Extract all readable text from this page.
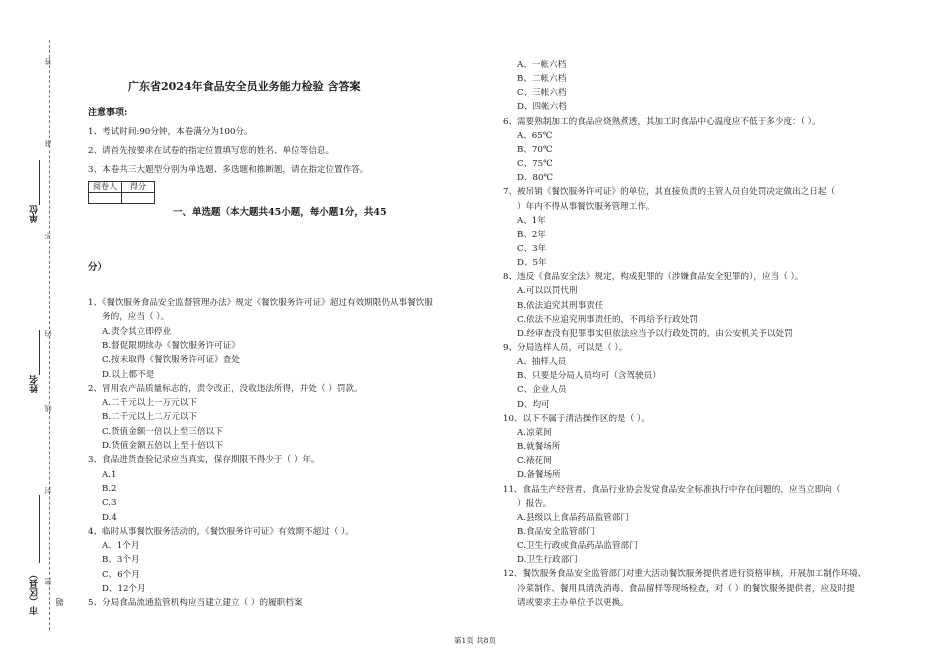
答
准
不
内
线
封
密
单位
姓名
市（区县） 题
广东省2024年食品安全员业务能力检验 含答案
注意事项:
1、考试时间:90分钟，本卷满分为100分。
2、请首先按要求在试卷的指定位置填写您的姓名、单位等信息。
3、本卷共三大题型分别为单选题、多选题和推断题，请在指定位置作答。
阅卷人	得分

一、单选题（本大题共45小题，每小题1分，共45
分）
1、《餐饮服务食品安全监督管理办法》规定《餐饮服务许可证》超过有效期限仍从事餐饮服
务的，应当（ ）。
A.责令其立即停业
B.督促限期续办《餐饮服务许可证》
C.按未取得《餐饮服务许可证》查处
D.以上都不是
2、冒用农产品质量标志的，责令改正，没收违法所得，并处（ ）罚款。
A.二千元以上一万元以下
B.二千元以上二万元以下
C.货值金额一倍以上至三倍以下
D.货值金额五倍以上至十倍以下
3、食品进货查验记录应当真实，保存期限不得少于（ ）年。
A.1
B.2
C.3
D.4
4、临时从事餐饮服务活动的，《餐饮服务许可证》有效期不超过（ ）。
A、1个月
B、3个月
C、6个月
D、12个月
5、分局食品流通监管机构应当建立建立（ ）的履职档案
A、一帐六档
B、二帐六档
C、三帐六档
D、四帐六档
6、需要熟制加工的食品应烧熟煮透，其加工时食品中心温度应不低于多少度：（ ）。
A、65℃
B、70℃
C、75℃
D、80℃
7、被吊销《餐饮服务许可证》的单位，其直接负责的主管人员自处罚决定做出之日起（
）年内不得从事餐饮服务管理工作。
A、1年
B、2年
C、3年
D、5年
8、违反《食品安全法》规定，构成犯罪的（涉嫌食品安全犯罪的），应当（ ）。
A.可以以罚代刑
B.依法追究其刑事责任
C.依法不应追究刑事责任的，不再给予行政处罚
D.经审查没有犯罪事实但依法应当予以行政处罚的，由公安机关予以处罚
9、分局选样人员，可以是（ ）。
A、抽样人员
B、只要是分局人员均可（含驾驶员）
C、企业人员
D、均可
10、以下不属于清洁操作区的是（ ）。
A.凉菜间
B.就餐场所
C.裱花间
D.备餐场所
11、食品生产经营者、食品行业协会发觉食品安全标准执行中存在问题的，应当立即向（
）报告。
A.县级以上食品药品监管部门
B.食品安全监管部门
C.卫生行政或食品药品监管部门
D.卫生行政部门
12、餐饮服务食品安全监管部门对重大活动餐饮服务提供者进行资格审核，开展加工制作环境、
冷菜制作、餐用具清洗消毒、食品留样等现场检查，对（ ）的餐饮服务提供者，应及时提
请或要求主办单位予以更换。
第1页 共8页
